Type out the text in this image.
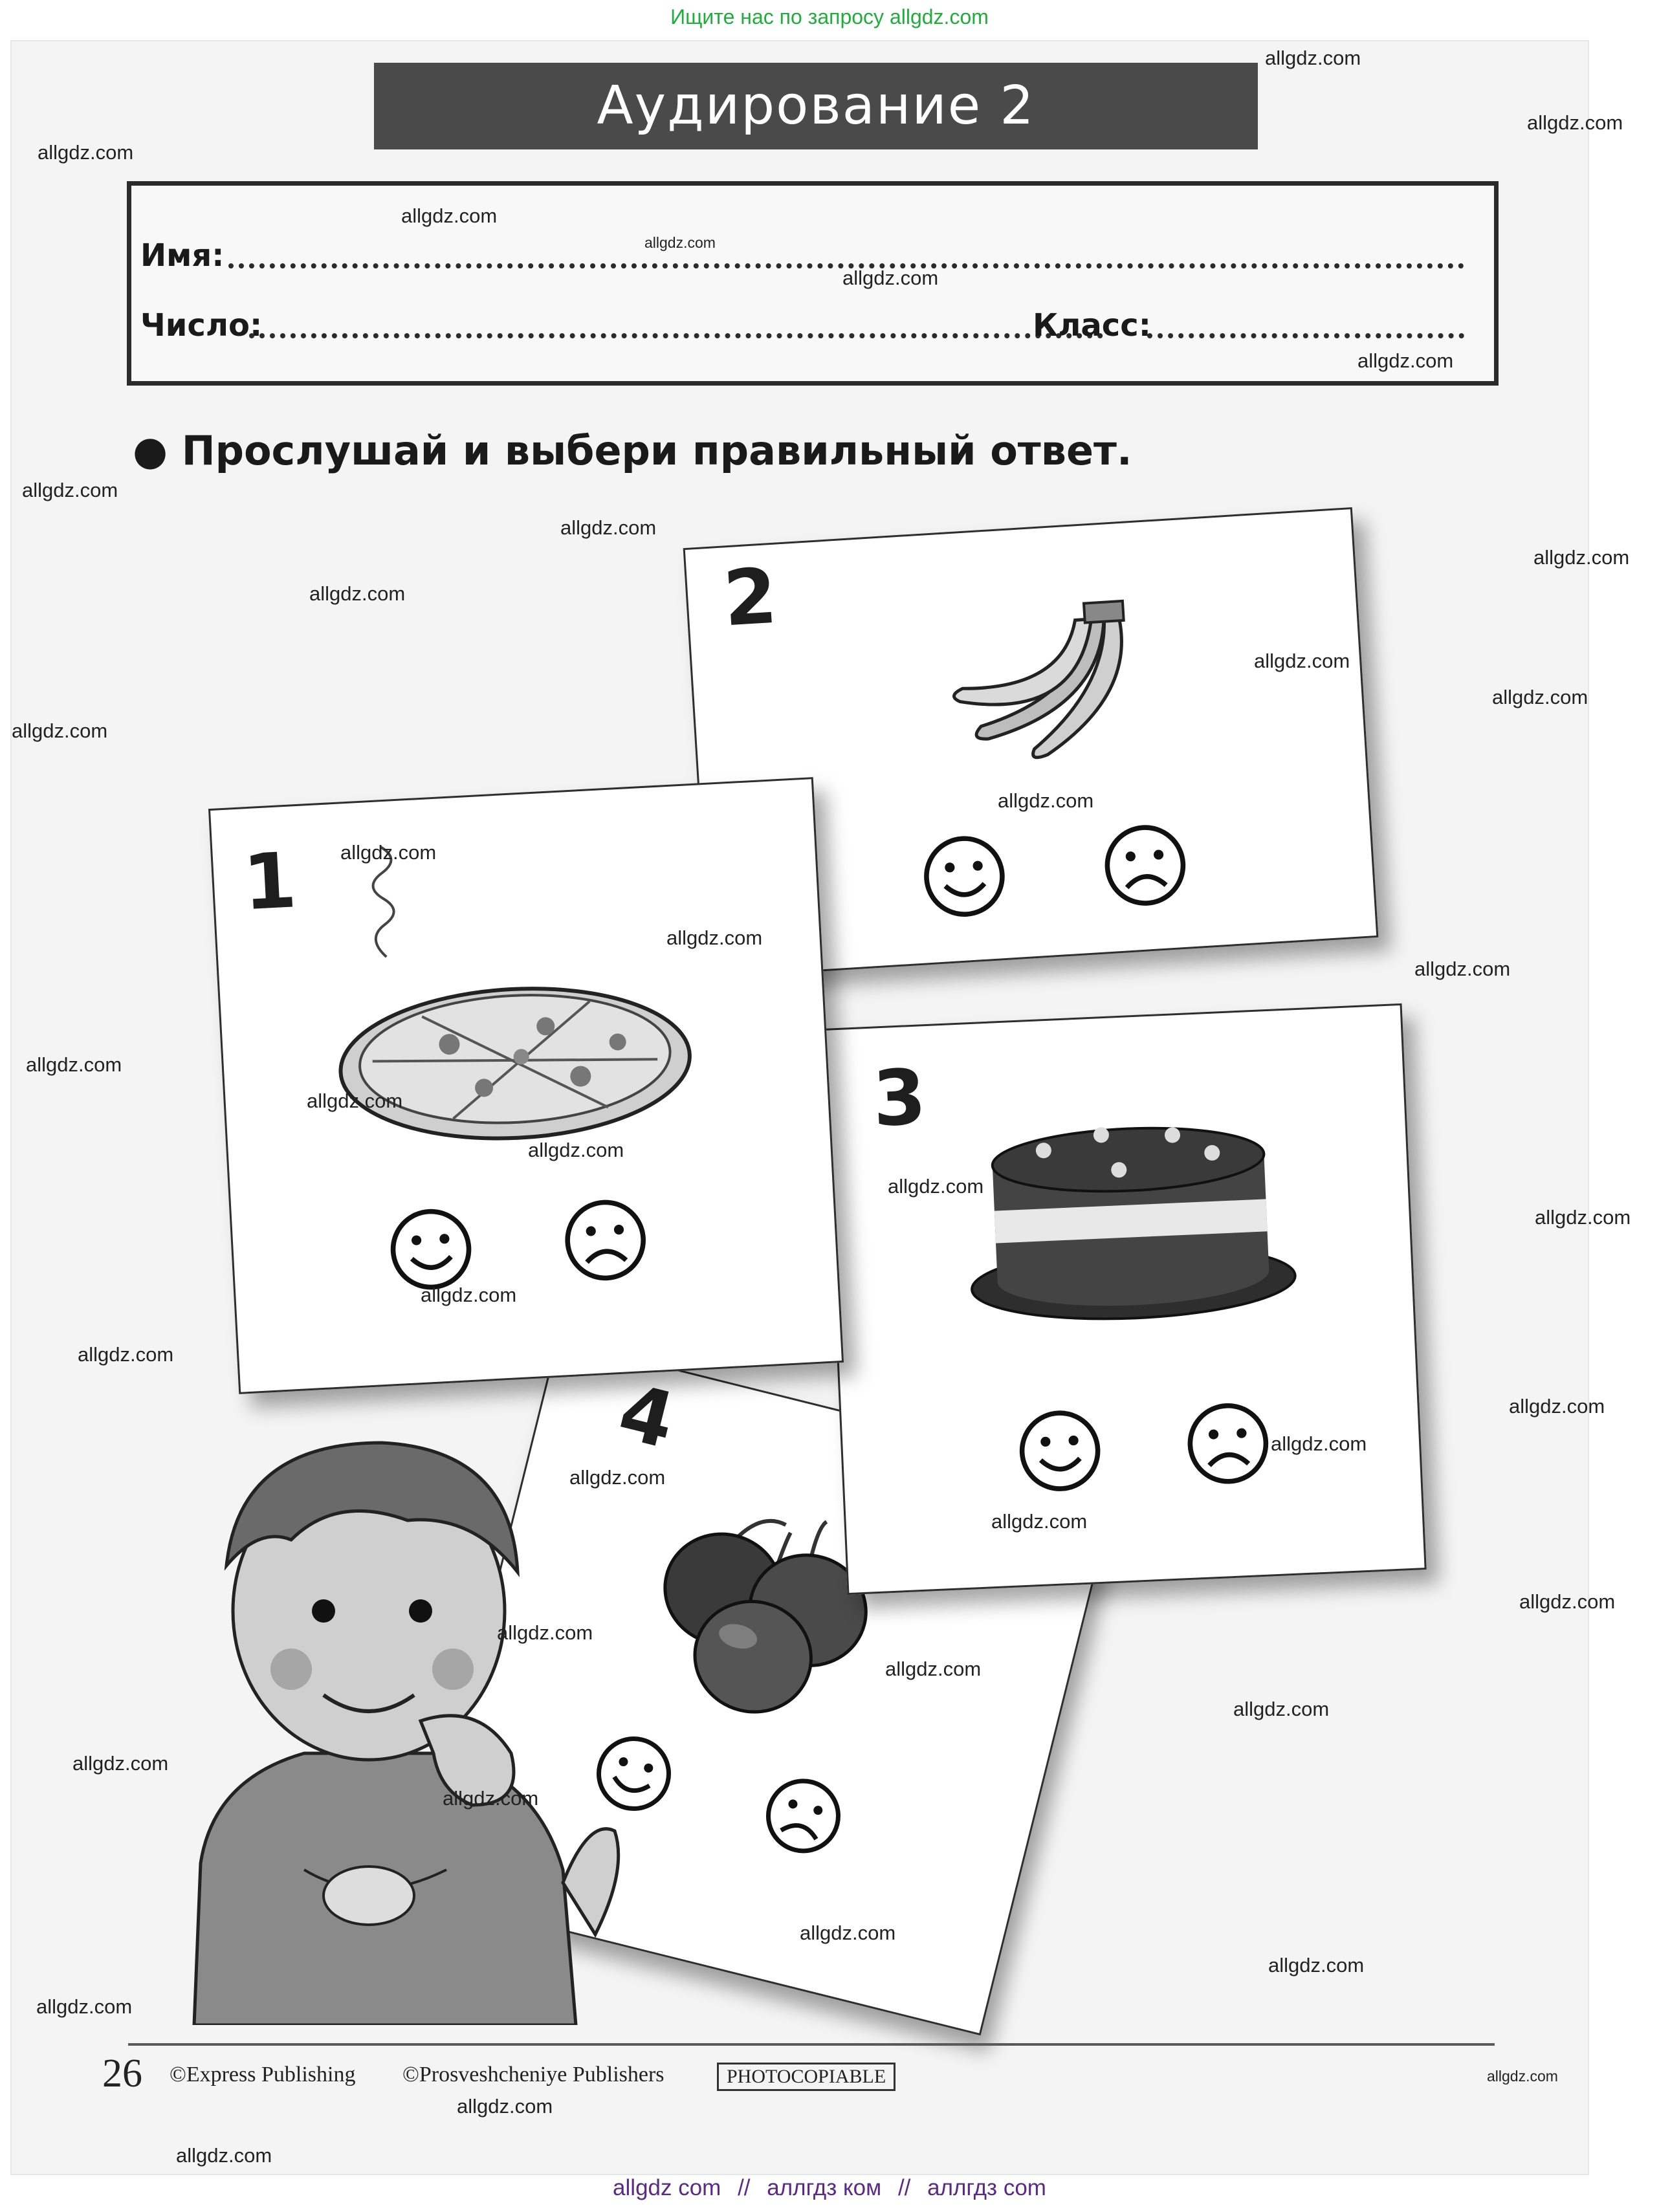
Ищите нас по запросу allgdz.com
Аудирование 2
Имя:
Число:	Класс:
● Прослушай и выбери правильный ответ.
4
2
3
1
26 ©Express Publishing ©Prosveshcheniye Publishers	PHOTOCOPIABLE
allgdz.com
allgdz.com
allgdz.com
allgdz.com
allgdz.com
allgdz.com
allgdz.com
allgdz.com
allgdz.com
allgdz.com
allgdz.com
allgdz.com
allgdz.com
allgdz.com
allgdz.com
allgdz.com
allgdz.com
allgdz.com
allgdz.com
allgdz.com
allgdz.com
allgdz.com
allgdz.com
allgdz.com
allgdz.com
allgdz.com
allgdz.com
allgdz.com
allgdz.com
allgdz.com
allgdz.com
allgdz.com
allgdz.com
allgdz.com
allgdz.com
allgdz.com
allgdz.com
allgdz.com
allgdz.com
allgdz.com
allgdz.com
allgdz com // аллгдз ком // аллгдз com
